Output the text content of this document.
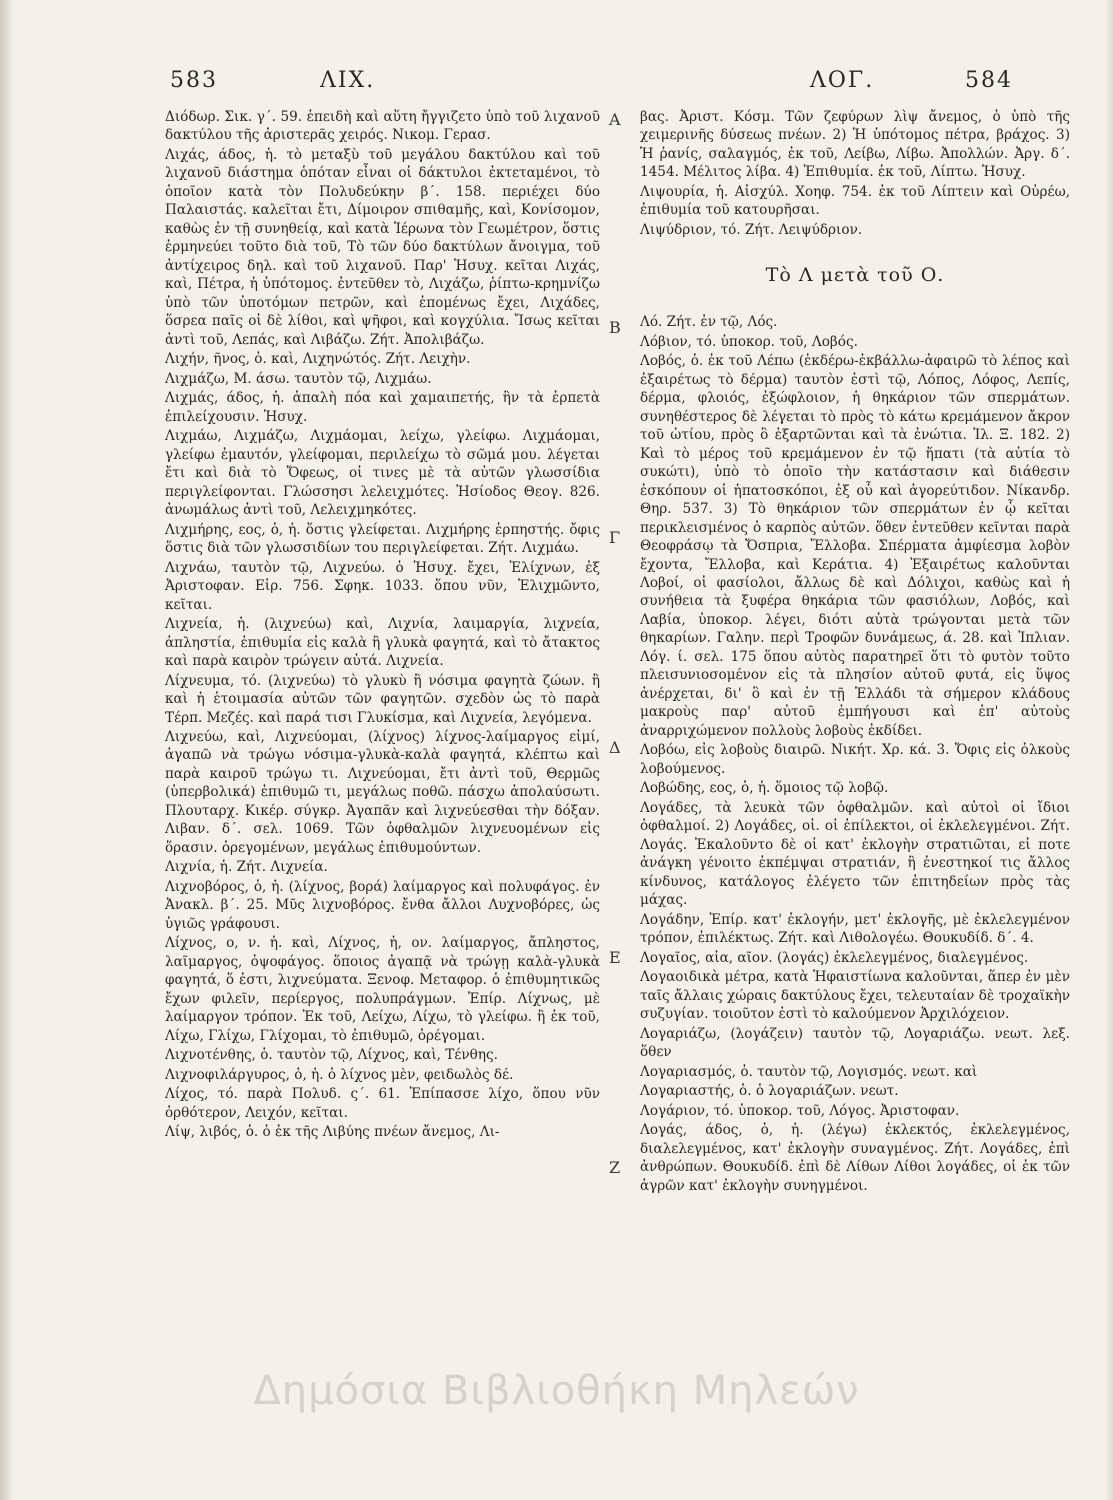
583	ΛΙΧ.	ΛΟΓ.	584
A
B
Γ
Δ
E
Z

Διόδωρ. Σικ. γ΄. 59. ἐπειδὴ καὶ αὕτη ἤγγιζετο ὑπὸ τοῦ λιχανοῦ δακτύλου τῆς ἀριστερᾶς χειρός. Νικομ. Γερασ.

Λιχάς, άδος, ἡ. τὸ μεταξὺ τοῦ μεγάλου δακτύλου καὶ τοῦ λιχανοῦ διάστημα ὁπόταν εἶναι οἱ δάκτυλοι ἐκτεταμένοι, τὸ ὁποῖον κατὰ τὸν Πολυδεύκην β΄. 158. περιέχει δύο Παλαιστάς. καλεῖται ἔτι, Δίμοιρον σπιθαμῆς, καὶ, Κονίσομον, καθὼς ἐν τῇ συνηθείᾳ, καὶ κατὰ Ἱέρωνα τὸν Γεωμέτρον, ὅστις ἑρμηνεύει τοῦτο διὰ τοῦ, Τὸ τῶν δύο δακτύλων ἄνοιγμα, τοῦ ἀντίχειρος δηλ. καὶ τοῦ λιχανοῦ. Παρ' Ἡσυχ. κεῖται Λιχάς, καὶ, Πέτρα, ἡ ὑπότομος. ἐντεῦθεν τὸ, Λιχάζω, ῥίπτω-κρημνίζω ὑπὸ τῶν ὑποτόμων πετρῶν, καὶ ἑπομένως ἔχει, Λιχάδες, ὅσρεα παῖς οἱ δὲ λίθοι, καὶ ψῆφοι, καὶ κογχύλια. Ἴσως κεῖται ἀντὶ τοῦ, Λεπάς, καὶ Λιβάζω. Ζήτ. Ἀπολιβάζω.

Λιχήν, ῆνος, ὁ. καὶ, Λιχηνώτός. Ζήτ. Λειχὴν.

Λιχμάζω, Μ. άσω. ταυτὸν τῷ, Λιχμάω.

Λιχμάς, άδος, ἡ. ἁπαλὴ πόα καὶ χαμαιπετής, ἣν τὰ ἑρπετὰ ἐπιλείχουσιν. Ἡσυχ.

Λιχμάω, Λιχμάζω, Λιχμάομαι, λείχω, γλείφω. Λιχμάομαι, γλείφω ἐμαυτόν, γλείφομαι, περιλείχω τὸ σῶμά μου. λέγεται ἔτι καὶ διὰ τὸ Ὄφεως, οἱ τινες μὲ τὰ αὐτῶν γλωσσίδια περιγλείφονται. Γλώσσησι λελειχμότες. Ἡσίοδος Θεογ. 826. ἀνωμάλως ἀντὶ τοῦ, Λελειχμηκότες.

Λιχμήρης, εος, ὁ, ἡ. ὅστις γλείφεται. Λιχμήρης ἑρπηστής. ὄφις ὅστις διὰ τῶν γλωσσιδίων του περιγλείφεται. Ζήτ. Λιχμάω.

Λιχνάω, ταυτὸν τῷ, Λιχνεύω. ὁ Ἡσυχ. ἔχει, Ἐλίχνων, ἐξ Ἀριστοφαν. Εἰρ. 756. Σφηκ. 1033. ὅπου νῦν, Ἐλιχμῶντο, κεῖται.

Λιχνεία, ἡ. (λιχνεύω) καὶ, Λιχνία, λαιμαργία, λιχνεία, ἀπληστία, ἐπιθυμία εἰς καλὰ ἢ γλυκὰ φαγητά, καὶ τὸ ἄτακτος καὶ παρὰ καιρὸν τρώγειν αὐτά. Λιχνεία.

Λίχνευμα, τό. (λιχνεύω) τὸ γλυκὺ ἢ νόσιμα φαγητὰ ζώων. ἢ καὶ ἡ ἑτοιμασία αὐτῶν τῶν φαγητῶν. σχεδὸν ὡς τὸ παρὰ Τέρπ. Μεζές. καὶ παρά τισι Γλυκίσμα, καὶ Λιχνεία, λεγόμενα.

Λιχνεύω, καὶ, Λιχνεύομαι, (λίχνος) λίχνος-λαίμαργος εἰμί, ἀγαπῶ νὰ τρώγω νόσιμα-γλυκὰ-καλὰ φαγητά, κλέπτω καὶ παρὰ καιροῦ τρώγω τι. Λιχνεύομαι, ἔτι ἀντὶ τοῦ, Θερμῶς (ὑπερβολικά) ἐπιθυμῶ τι, μεγάλως ποθῶ. πάσχω ἀπολαύσωτι. Πλουταρχ. Κικέρ. σύγκρ. Ἀγαπᾶν καὶ λιχνεύεσθαι τὴν δόξαν. Λιβαν. δ΄. σελ. 1069. Τῶν ὀφθαλμῶν λιχνευομένων εἰς ὅρασιν. ὀρεγομένων, μεγάλως ἐπιθυμούντων.

Λιχνία, ἡ. Ζήτ. Λιχνεία.

Λιχνοβόρος, ὁ, ἡ. (λίχνος, βορά) λαίμαργος καὶ πολυφάγος. ἐν Ἀνακλ. β΄. 25. Μῦς λιχνοβόρος. ἔνθα ἄλλοι Λυχνοβόρες, ὡς ὑγιῶς γράφουσι.

Λίχνος, ο, ν. ἡ. καὶ, Λίχνος, ἡ, ον. λαίμαργος, ἄπληστος, λαῖμαργος, ὀψοφάγος. ὅποιος ἀγαπᾷ νὰ τρώγῃ καλὰ-γλυκὰ φαγητά, ὅ ἐστι, λιχνεύματα. Ξενοφ. Μεταφορ. ὁ ἐπιθυμητικῶς ἔχων φιλεῖν, περίεργος, πολυπράγμων. Ἐπίρ. Λίχνως, μὲ λαίμαργον τρόπον. Ἐκ τοῦ, Λείχω, Λίχω, τὸ γλείφω. ἢ ἐκ τοῦ, Λίχω, Γλίχω, Γλίχομαι, τὸ ἐπιθυμῶ, ὀρέγομαι.

Λιχνοτένθης, ὁ. ταυτὸν τῷ, Λίχνος, καὶ, Τένθης.

Λιχνοφιλάργυρος, ὁ, ἡ. ὁ λίχνος μὲν, φειδωλὸς δέ.

Λίχος, τό. παρὰ Πολυδ. ς΄. 61. Ἐπίπασσε λίχο, ὅπου νῦν ὀρθότερον, Λειχόν, κεῖται.

Λίψ, λιβός, ὁ. ὁ ἐκ τῆς Λιβύης πνέων ἄνεμος, Λι-

βας. Ἀριστ. Κόσμ. Τῶν ζεφύρων λὶψ ἄνεμος, ὁ ὑπὸ τῆς χειμερινῆς δύσεως πνέων. 2) Ἡ ὑπότομος πέτρα, βράχος. 3) Ἡ ῥανίς, σαλαγμός, ἐκ τοῦ, Λείβω, Λίβω. Ἀπολλών. Ἀργ. δ΄. 1454. Μέλιτος λίβα. 4) Ἐπιθυμία. ἐκ τοῦ, Λίπτω. Ἡσυχ.

Λιψουρία, ἡ. Αἰσχύλ. Χοηφ. 754. ἐκ τοῦ Λίπτειν καὶ Οὐρέω, ἐπιθυμία τοῦ κατουρῆσαι.

Λιψύδριον, τό. Ζήτ. Λειψύδριον.

Τὸ Λ μετὰ τοῦ Ο.

Λό. Ζήτ. ἐν τῷ, Λός.

Λόβιον, τό. ὑποκορ. τοῦ, Λοβός.

Λοβός, ὁ. ἐκ τοῦ Λέπω (ἐκδέρω-ἐκβάλλω-ἀφαιρῶ τὸ λέπος καὶ ἐξαιρέτως τὸ δέρμα) ταυτὸν ἐστὶ τῷ, Λόπος, Λόφος, Λεπίς, δέρμα, φλοιός, ἐξώφλοιον, ἡ θηκάριον τῶν σπερμάτων. συνηθέστερος δὲ λέγεται τὸ πρὸς τὸ κάτω κρεμάμενον ἄκρον τοῦ ὠτίου, πρὸς ὃ ἐξαρτῶνται καὶ τὰ ἐνώτια. Ἰλ. Ξ. 182. 2) Καὶ τὸ μέρος τοῦ κρεμάμενον ἐν τῷ ἥπατι (τὰ αὐτία τὸ συκώτι), ὑπὸ τὸ ὁποῖο τὴν κατάστασιν καὶ διάθεσιν ἐσκόπουν οἱ ἡπατοσκόποι, ἐξ οὗ καὶ ἀγορεύτιδον. Νίκανδρ. Θηρ. 537. 3) Τὸ θηκάριον τῶν σπερμάτων ἐν ᾧ κεῖται περικλεισμένος ὁ καρπὸς αὐτῶν. ὅθεν ἐντεῦθεν κεῖνται παρὰ Θεοφράσῳ τὰ Ὄσπρια, Ἔλλοβα. Σπέρματα ἀμφίεσμα λοβὸν ἔχοντα, Ἔλλοβα, καὶ Κεράτια. 4) Ἐξαιρέτως καλοῦνται Λοβοί, οἱ φασίολοι, ἄλλως δὲ καὶ Δόλιχοι, καθὼς καὶ ἡ συνήθεια τὰ ξυφέρα θηκάρια τῶν φασιόλων, Λοβός, καὶ Λαβία, ὑποκορ. λέγει, διότι αὐτὰ τρώγονται μετὰ τῶν θηκαρίων. Γαλην. περὶ Τροφῶν δυνάμεως, ά. 28. καὶ Ἰπλιαν. Λόγ. ί. σελ. 175 ὅπου αὐτὸς παρατηρεῖ ὅτι τὸ φυτὸν τοῦτο πλεισυνιοσομένον εἰς τὰ πλησίον αὐτοῦ φυτά, εἰς ὕψος ἀνέρχεται, δι' ὃ καὶ ἐν τῇ Ἑλλάδι τὰ σήμερον κλάδους μακροὺς παρ' αὐτοῦ ἐμπήγουσι καὶ ἐπ' αὐτοὺς ἀναρριχώμενον πολλοὺς λοβοὺς ἐκδίδει.

Λοβόω, εἰς λοβοὺς διαιρῶ. Νικήτ. Χρ. κά. 3. Ὄφις εἰς ὁλκοὺς λοβούμενος.

Λοβώδης, εος, ὁ, ἡ. ὅμοιος τῷ λοβῷ.

Λογάδες, τὰ λευκὰ τῶν ὀφθαλμῶν. καὶ αὐτοὶ οἱ ἴδιοι ὀφθαλμοί. 2) Λογάδες, οἱ. οἱ ἐπίλεκτοι, οἱ ἐκλελεγμένοι. Ζήτ. Λογάς. Ἐκαλοῦντο δὲ οἱ κατ' ἐκλογὴν στρατιῶται, εἰ ποτε ἀνάγκη γένοιτο ἐκπέμψαι στρατιάν, ἢ ἐνεστηκοί τις ἄλλος κίνδυνος, κατάλογος ἐλέγετο τῶν ἐπιτηδείων πρὸς τὰς μάχας.

Λογάδην, Ἐπίρ. κατ' ἐκλογήν, μετ' ἐκλογῆς, μὲ ἐκλελεγμένον τρόπον, ἐπιλέκτως. Ζήτ. καὶ Λιθολογέω. Θουκυδίδ. δ΄. 4.

Λογαῖος, αἰα, αῖον. (λογάς) ἐκλελεγμένος, διαλεγμένος.

Λογαοιδικὰ μέτρα, κατὰ Ἡφαιστίωνα καλοῦνται, ἅπερ ἐν μὲν ταῖς ἄλλαις χώραις δακτύλους ἔχει, τελευταίαν δὲ τροχαϊκὴν συζυγίαν. τοιοῦτον ἐστὶ τὸ καλούμενον Ἀρχιλόχειον.

Λογαριάζω, (λογάζειν) ταυτὸν τῷ, Λογαριάζω. νεωτ. λεξ. ὅθεν

Λογαριασμός, ὁ. ταυτὸν τῷ, Λογισμός. νεωτ. καὶ

Λογαριαστής, ὁ. ὁ λογαριάζων. νεωτ.

Λογάριον, τό. ὑποκορ. τοῦ, Λόγος. Ἀριστοφαν.

Λογάς, άδος, ὁ, ἡ. (λέγω) ἐκλεκτός, ἐκλελεγμένος, διαλελεγμένος, κατ' ἐκλογὴν συναγμένος. Ζήτ. Λογάδες, ἐπὶ ἀνθρώπων. Θουκυδίδ. ἐπὶ δὲ Λίθων Λίθοι λογάδες, οἱ ἐκ τῶν ἀγρῶν κατ' ἐκλογὴν συνηγμένοι.

Δημόσια Βιβλιοθήκη Μηλεών
